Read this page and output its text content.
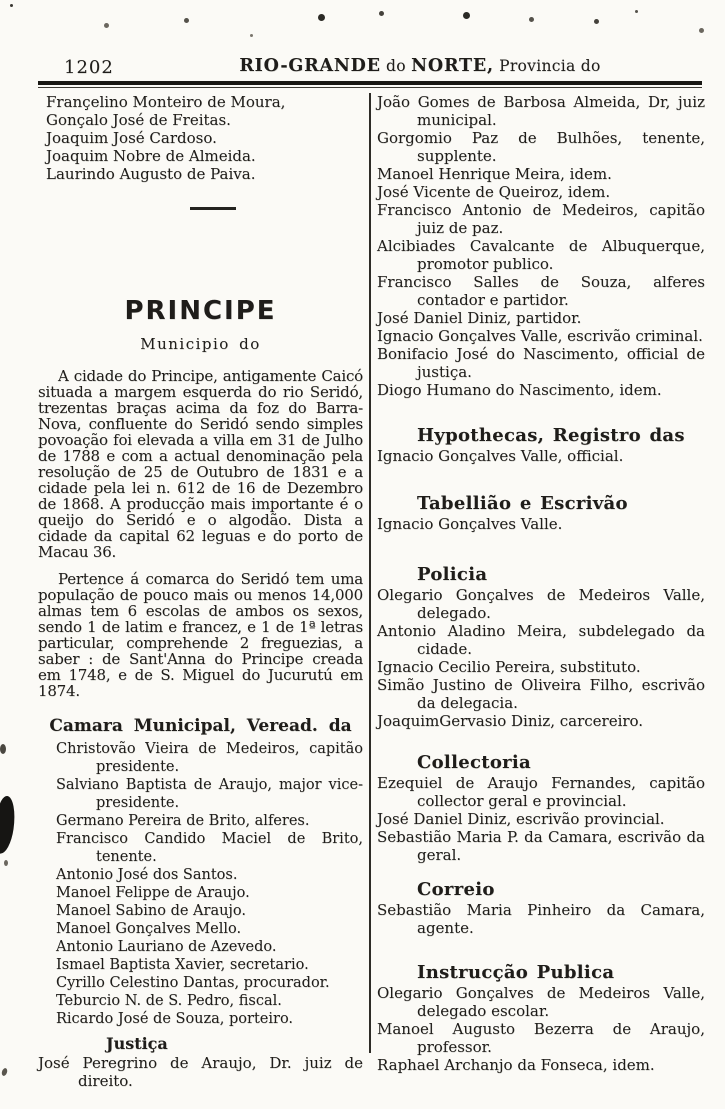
1202	RIO-GRANDE do NORTE, Provincia do
Françelino Monteiro de Moura,
Gonçalo José de Freitas.
Joaquim José Cardoso.
Joaquim Nobre de Almeida.
Laurindo Augusto de Paiva.
PRINCIPE
Municipio do

A cidade do Principe, antigamente Caicó situada a margem esquerda do rio Seridó, trezentas braças acima da foz do Barra-Nova, confluente do Seridó sendo simples povoação foi elevada a villa em 31 de Julho de 1788 e com a actual denominação pela resolução de 25 de Outubro de 1831 e a cidade pela lei n. 612 de 16 de Dezembro de 1868. A producção mais importante é o queijo do Seridó e o algodão. Dista a cidade da capital 62 leguas e do porto de Macau 36.

Pertence á comarca do Seridó tem uma população de pouco mais ou menos 14,000 almas tem 6 escolas de ambos os sexos, sendo 1 de latim e francez, e 1 de 1ª letras particular, comprehende 2 freguezias, a saber : de Sant'Anna do Principe creada em 1748, e de S. Miguel do Jucurutú em 1874.

Camara Municipal, Veread. da
Christovão Vieira de Medeiros, capitão presidente.
Salviano Baptista de Araujo, major vice-presidente.
Germano Pereira de Brito, alferes.
Francisco Candido Maciel de Brito, tenente.
Antonio José dos Santos.
Manoel Felippe de Araujo.
Manoel Sabino de Araujo.
Manoel Gonçalves Mello.
Antonio Lauriano de Azevedo.
Ismael Baptista Xavier, secretario.
Cyrillo Celestino Dantas, procurador.
Teburcio N. de S. Pedro, fiscal.
Ricardo José de Souza, porteiro.
Justiça
José Peregrino de Araujo, Dr. juiz de direito.
João Gomes de Barbosa Almeida, Dr, juiz municipal.
Gorgomio Paz de Bulhões, tenente, supplente.
Manoel Henrique Meira, idem.
José Vicente de Queiroz, idem.
Francisco Antonio de Medeiros, capitão juiz de paz.
Alcibiades Cavalcante de Albuquerque, promotor publico.
Francisco Salles de Souza, alferes contador e partidor.
José Daniel Diniz, partidor.
Ignacio Gonçalves Valle, escrivão criminal.
Bonifacio José do Nascimento, official de justiça.
Diogo Humano do Nascimento, idem.
Hypothecas, Registro das
Ignacio Gonçalves Valle, official.
Tabellião e Escrivão
Ignacio Gonçalves Valle.
Policia
Olegario Gonçalves de Medeiros Valle, delegado.
Antonio Aladino Meira, subdelegado da cidade.
Ignacio Cecilio Pereira, substituto.
Simão Justino de Oliveira Filho, escrivão da delegacia.
JoaquimGervasio Diniz, carcereiro.
Collectoria
Ezequiel de Araujo Fernandes, capitão collector geral e provincial.
José Daniel Diniz, escrivão provincial.
Sebastião Maria P. da Camara, escrivão da geral.
Correio
Sebastião Maria Pinheiro da Camara, agente.
Instrucção Publica
Olegario Gonçalves de Medeiros Valle, delegado escolar.
Manoel Augusto Bezerra de Araujo, professor.
Raphael Archanjo da Fonseca, idem.
